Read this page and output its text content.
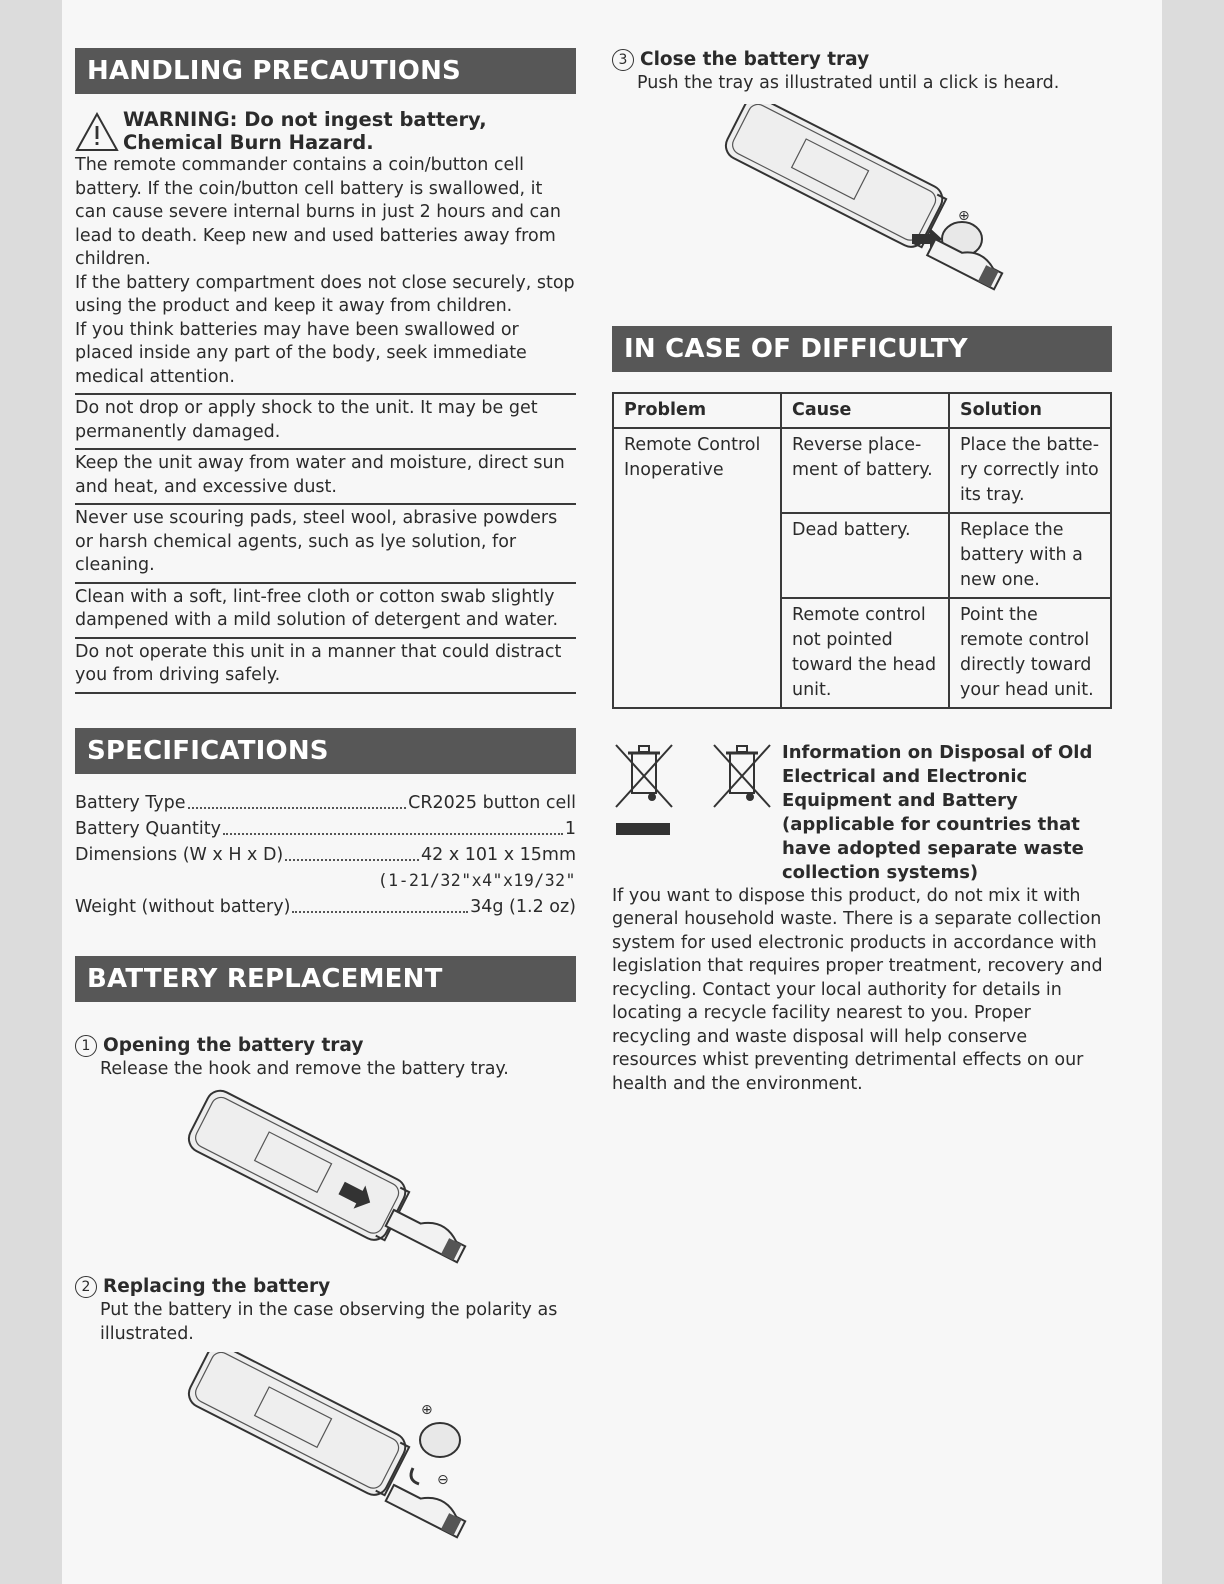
HANDLING PRECAUTIONS
WARNING: Do not ingest battery,
Chemical Burn Hazard.

The remote commander contains a coin/button cell battery. If the coin/button cell battery is swallowed, it can cause severe internal burns in just 2 hours and can lead to death. Keep new and used batteries away from children.

If the battery compartment does not close securely, stop using the product and keep it away from children.

If you think batteries may have been swallowed or placed inside any part of the body, seek immediate medical attention.

Do not drop or apply shock to the unit. It may be get permanently damaged.
Keep the unit away from water and moisture, direct sun and heat, and excessive dust.
Never use scouring pads, steel wool, abrasive powders or harsh chemical agents, such as lye solution, for cleaning.
Clean with a soft, lint-free cloth or cotton swab slightly dampened with a mild solution of detergent and water.
Do not operate this unit in a manner that could distract you from driving safely.
SPECIFICATIONS
Battery Type	CR2025 button cell
Battery Quantity	1
Dimensions (W x H x D)	42 x 101 x 15mm
(1-21/32"x4"x19/32"
Weight (without battery)	34g (1.2 oz)
BATTERY REPLACEMENT
1 Opening the battery tray
Release the hook and remove the battery tray.
2 Replacing the battery
Put the battery in the case observing the polarity as illustrated.
⊕
⊖
3 Close the battery tray
Push the tray as illustrated until a click is heard.
⊕
IN CASE OF DIFFICULTY
Problem	Cause	Solution
Remote Control Inoperative	Reverse place-ment of battery.	Place the batte-ry correctly into its tray.
	Dead battery.	Replace the battery with a new one.
	Remote control not pointed toward the head unit.	Point the remote control directly toward your head unit.
Information on Disposal of Old Electrical and Electronic Equipment and Battery (applicable for countries that have adopted separate waste collection systems)

If you want to dispose this product, do not mix it with general household waste. There is a separate collection system for used electronic products in accordance with legislation that requires proper treatment, recovery and recycling. Contact your local authority for details in locating a recycle facility nearest to you. Proper recycling and waste disposal will help conserve resources whist preventing detrimental effects on our health and the environment.
